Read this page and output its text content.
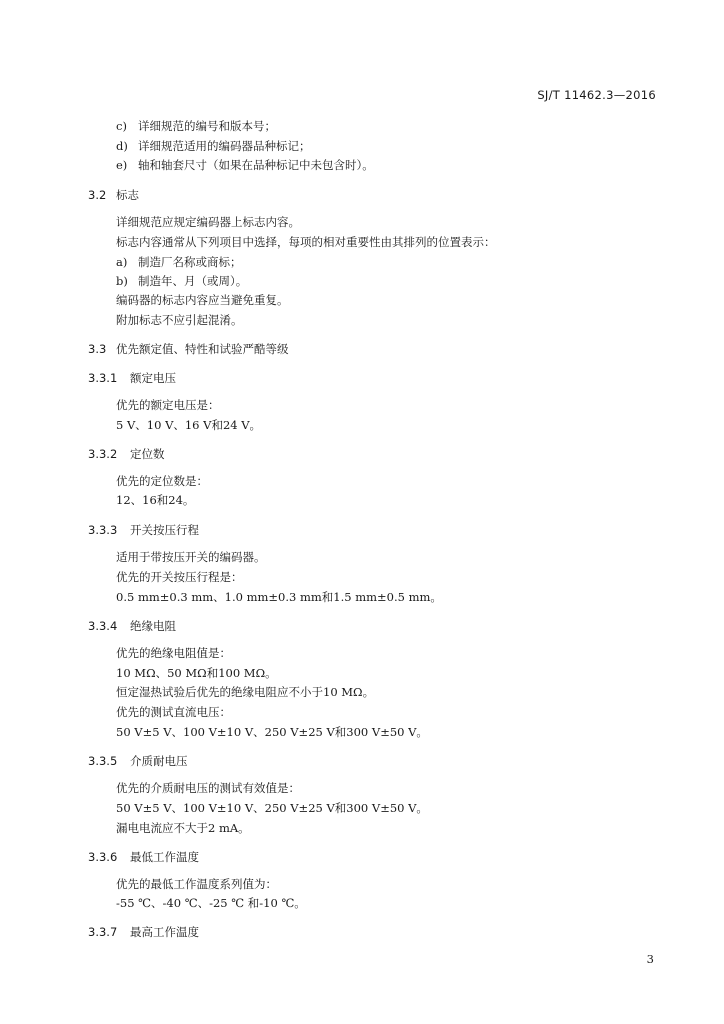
SJ/T 11462.3—2016
c) 详细规范的编号和版本号；
d) 详细规范适用的编码器品种标记；
e) 轴和轴套尺寸（如果在品种标记中未包含时）。
3.2 标志
详细规范应规定编码器上标志内容。
标志内容通常从下列项目中选择，每项的相对重要性由其排列的位置表示：
a) 制造厂名称或商标；
b) 制造年、月（或周）。
编码器的标志内容应当避免重复。
附加标志不应引起混淆。
3.3 优先额定值、特性和试验严酷等级
3.3.1 额定电压
优先的额定电压是：
5 V、10 V、16 V和24 V。
3.3.2 定位数
优先的定位数是：
12、16和24。
3.3.3 开关按压行程
适用于带按压开关的编码器。
优先的开关按压行程是：
0.5 mm±0.3 mm、1.0 mm±0.3 mm和1.5 mm±0.5 mm。
3.3.4 绝缘电阻
优先的绝缘电阻值是：
10 MΩ、50 MΩ和100 MΩ。
恒定湿热试验后优先的绝缘电阻应不小于10 MΩ。
优先的测试直流电压：
50 V±5 V、100 V±10 V、250 V±25 V和300 V±50 V。
3.3.5 介质耐电压
优先的介质耐电压的测试有效值是：
50 V±5 V、100 V±10 V、250 V±25 V和300 V±50 V。
漏电电流应不大于2 mA。
3.3.6 最低工作温度
优先的最低工作温度系列值为：
-55 ℃、-40 ℃、-25 ℃ 和-10 ℃。
3.3.7 最高工作温度
3
